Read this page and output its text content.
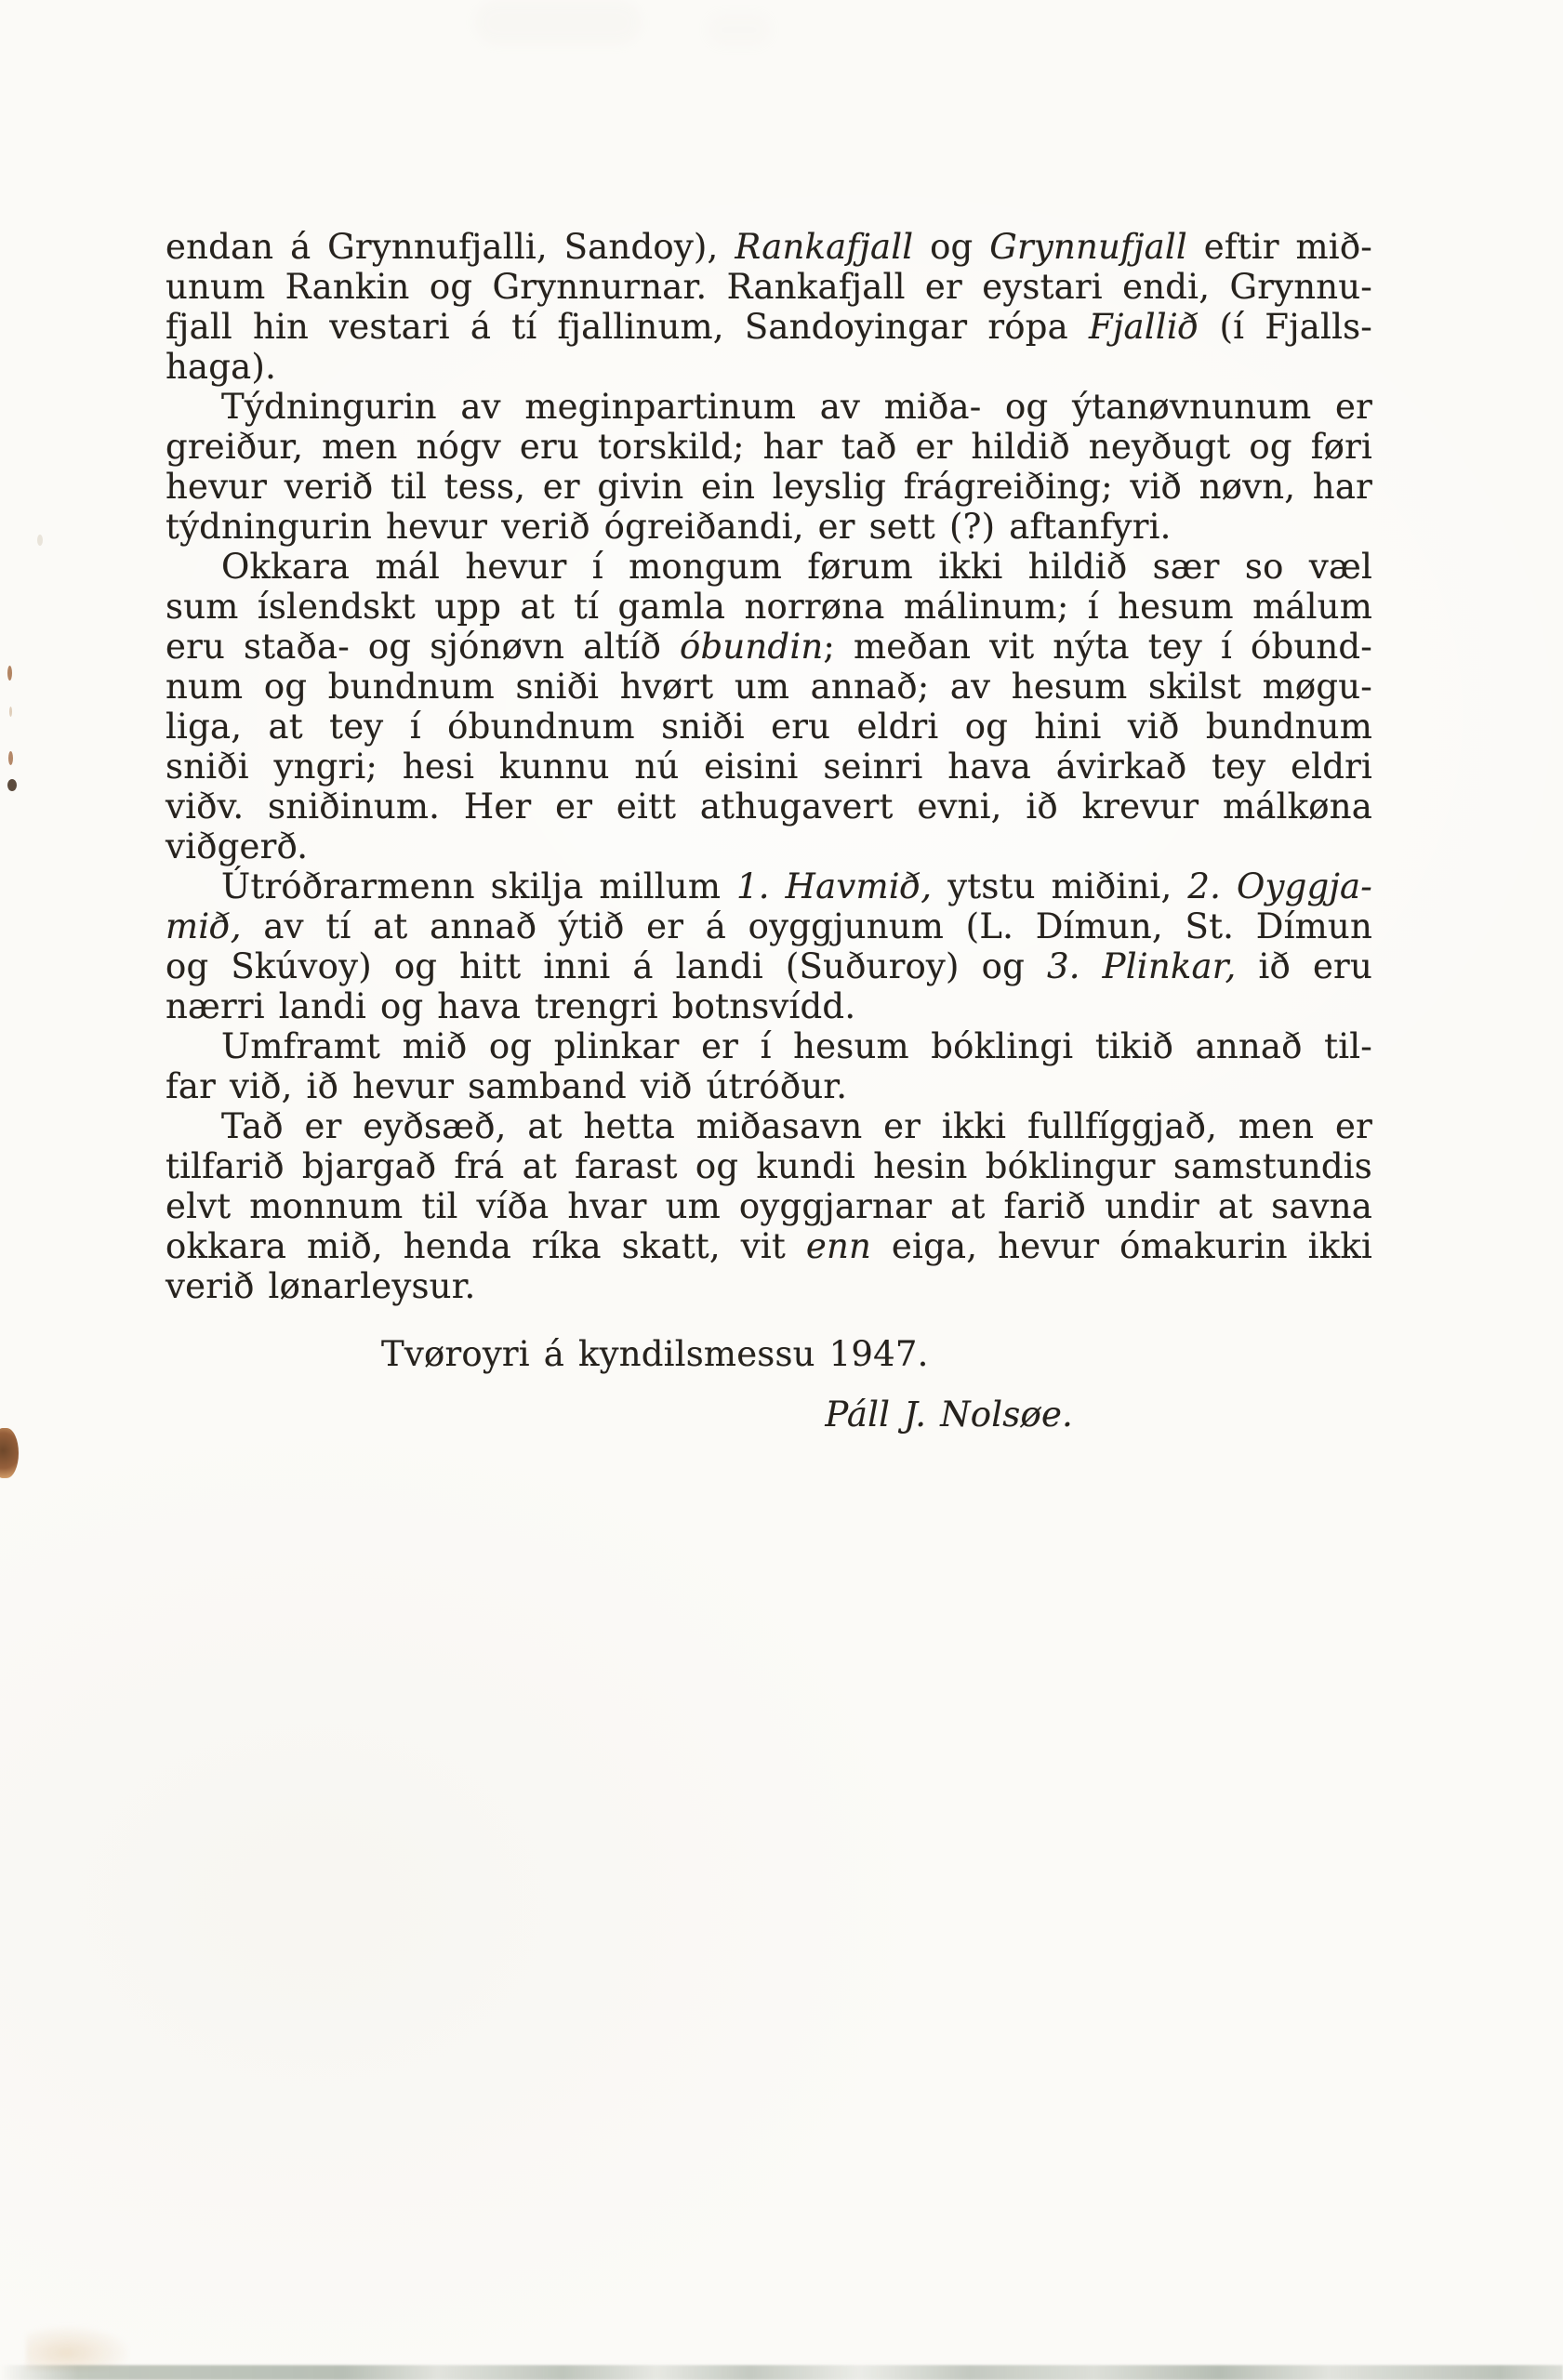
endan á Grynnufjalli, Sandoy), Rankafjall og Grynnufjall eftir mið-
unum Rankin og Grynnurnar. Rankafjall er eystari endi, Grynnu-
fjall hin vestari á tí fjallinum, Sandoyingar rópa Fjallið (í Fjalls-
haga).
Týdningurin av meginpartinum av miða- og ýtanøvnunum er
greiður, men nógv eru torskild; har tað er hildið neyðugt og føri
hevur verið til tess, er givin ein leyslig frágreiðing; við nøvn, har
týdningurin hevur verið ógreiðandi, er sett (?) aftanfyri.
Okkara mál hevur í mongum førum ikki hildið sær so væl
sum íslendskt upp at tí gamla norrøna málinum; í hesum málum
eru staða- og sjónøvn altíð óbundin; meðan vit nýta tey í óbund-
num og bundnum sniði hvørt um annað; av hesum skilst møgu-
liga, at tey í óbundnum sniði eru eldri og hini við bundnum
sniði yngri; hesi kunnu nú eisini seinri hava ávirkað tey eldri
viðv. sniðinum. Her er eitt athugavert evni, ið krevur málkøna
viðgerð.
Útróðrarmenn skilja millum 1. Havmið, ytstu miðini, 2. Oyggja-
mið, av tí at annað ýtið er á oyggjunum (L. Dímun, St. Dímun
og Skúvoy) og hitt inni á landi (Suðuroy) og 3. Plinkar, ið eru
nærri landi og hava trengri botnsvídd.
Umframt mið og plinkar er í hesum bóklingi tikið annað til-
far við, ið hevur samband við útróður.
Tað er eyðsæð, at hetta miðasavn er ikki fullfíggjað, men er
tilfarið bjargað frá at farast og kundi hesin bóklingur samstundis
elvt monnum til víða hvar um oyggjarnar at farið undir at savna
okkara mið, henda ríka skatt, vit enn eiga, hevur ómakurin ikki
verið lønarleysur.
Tvøroyri á kyndilsmessu 1947.
Páll J. Nolsøe.
